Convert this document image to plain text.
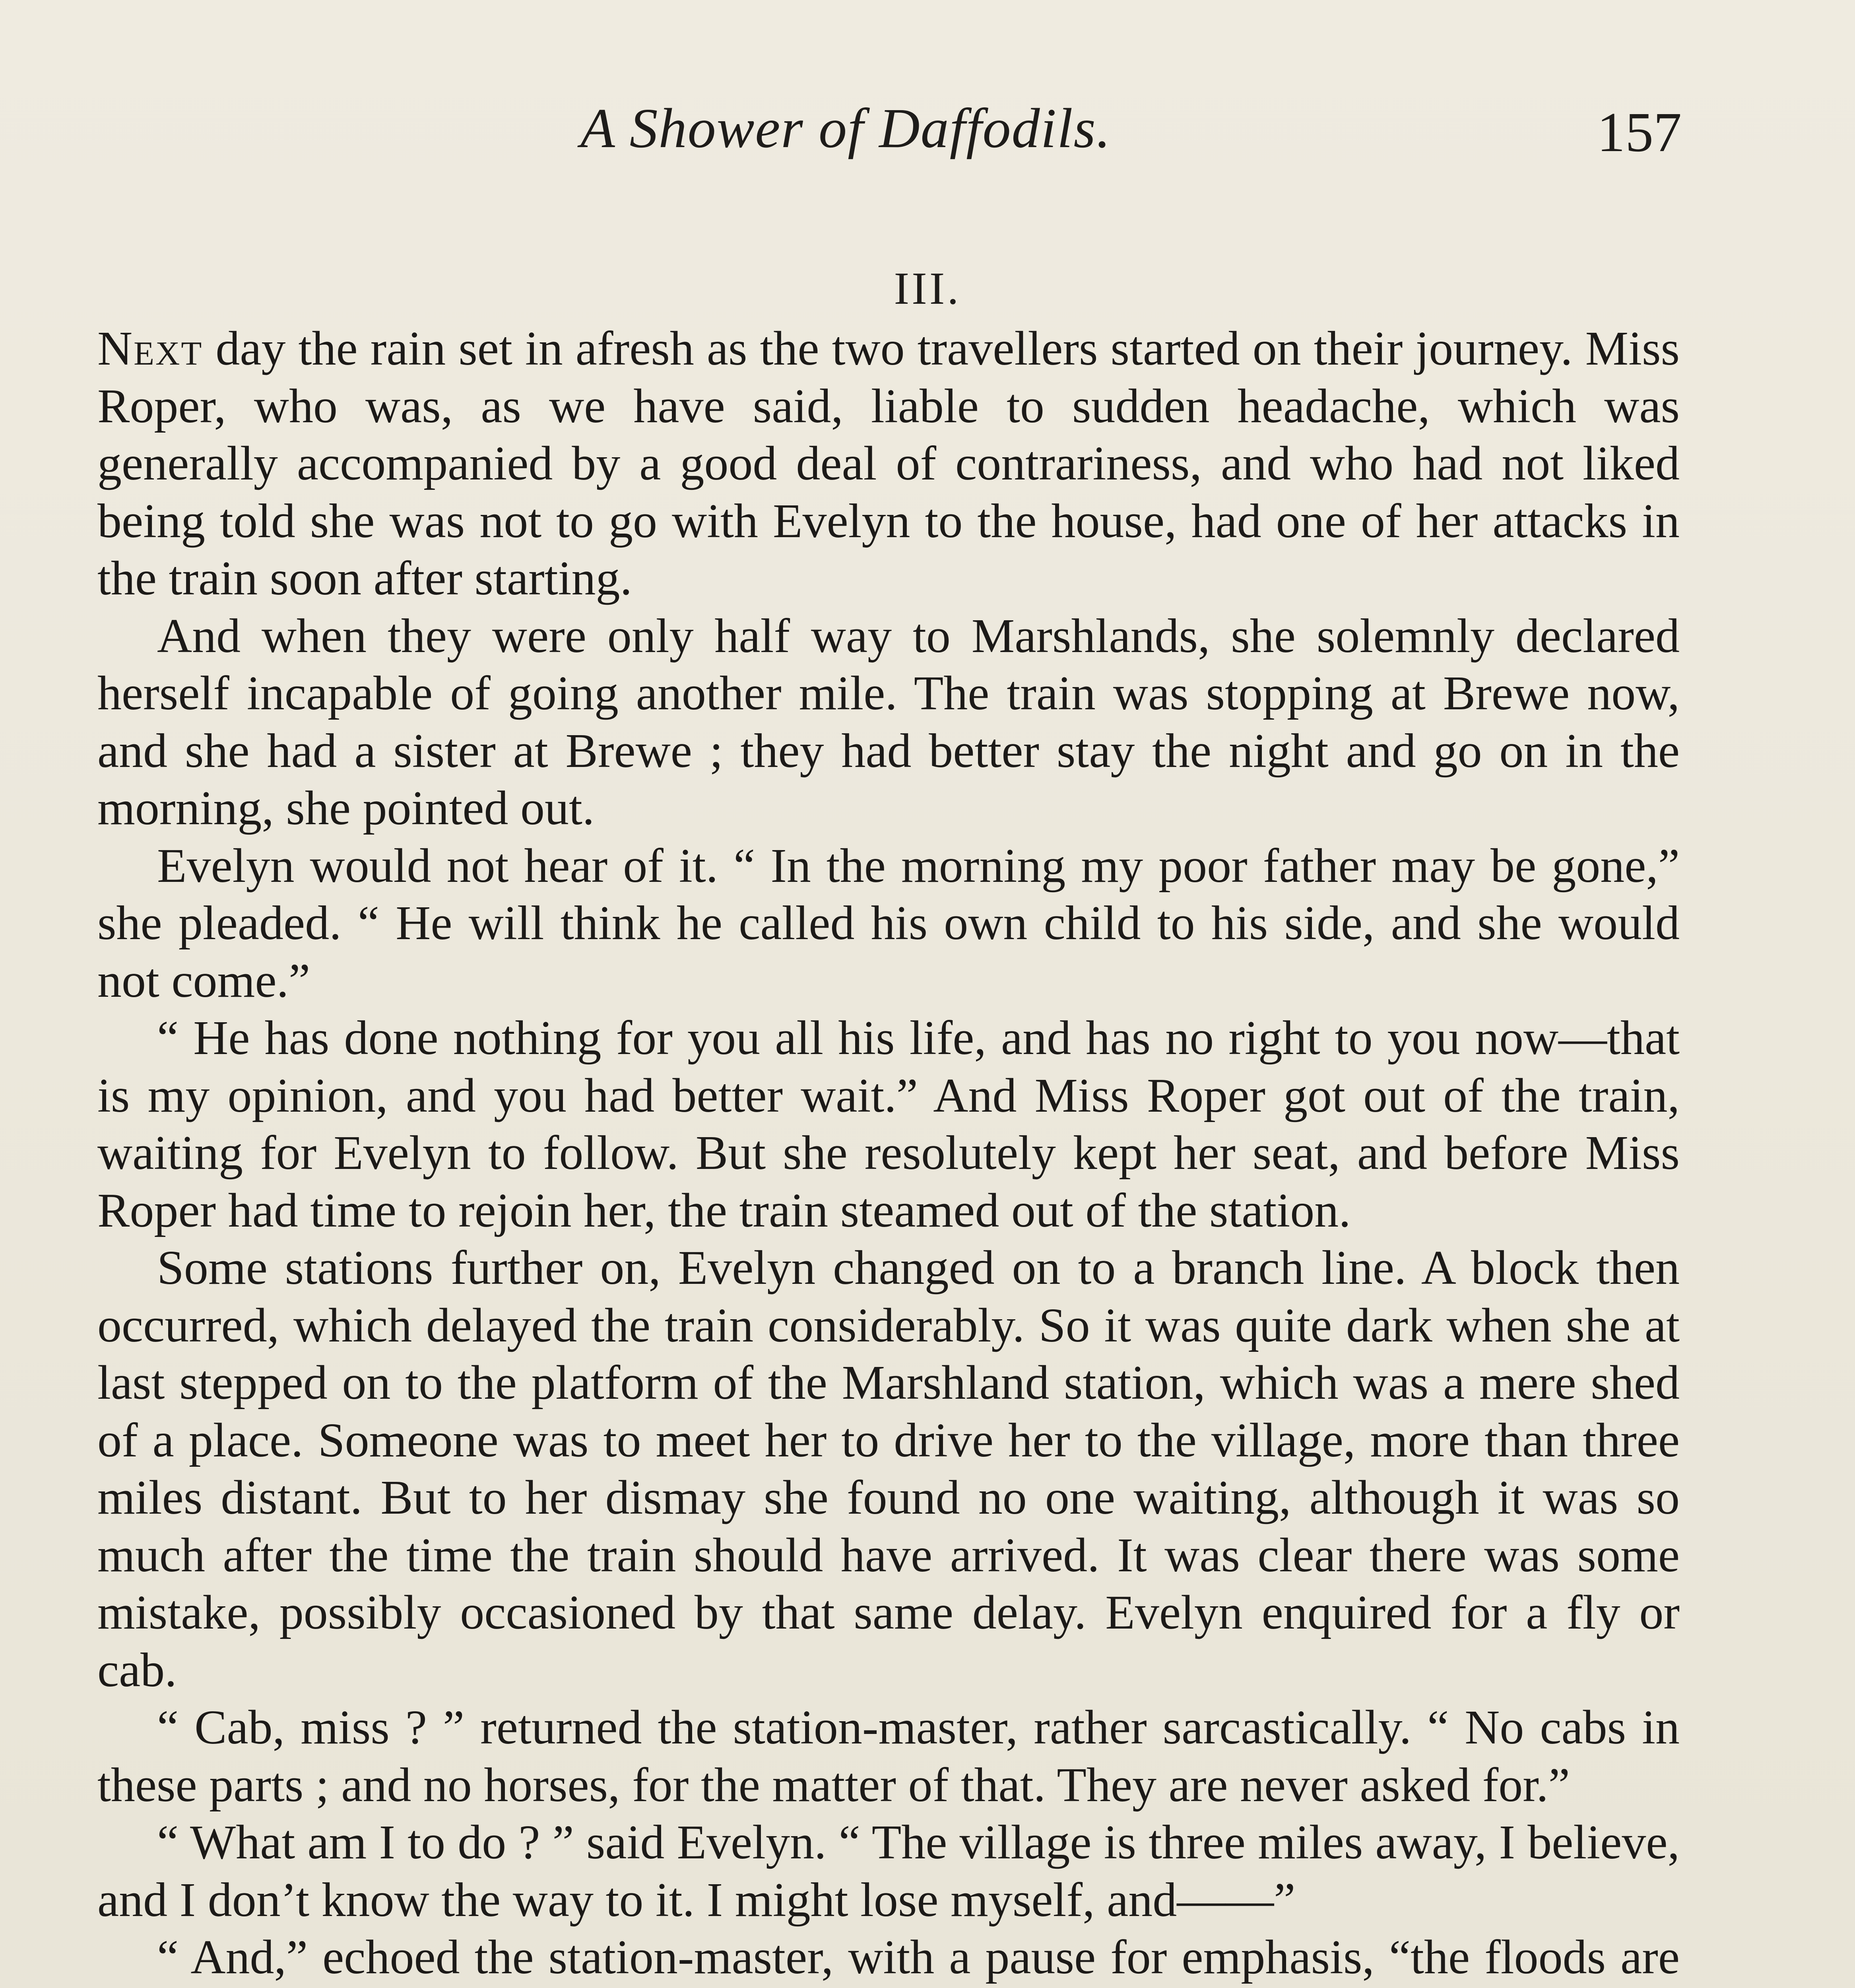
A Shower of Daffodils.	157
III.

Next day the rain set in afresh as the two travellers started on their journey. Miss Roper, who was, as we have said, liable to sudden headache, which was generally accompanied by a good deal of contrariness, and who had not liked being told she was not to go with Evelyn to the house, had one of her attacks in the train soon after starting.

And when they were only half way to Marshlands, she solemnly declared herself incapable of going another mile. The train was stopping at Brewe now, and she had a sister at Brewe ; they had better stay the night and go on in the morning, she pointed out.

Evelyn would not hear of it. “ In the morning my poor father may be gone,” she pleaded. “ He will think he called his own child to his side, and she would not come.”

“ He has done nothing for you all his life, and has no right to you now—that is my opinion, and you had better wait.” And Miss Roper got out of the train, waiting for Evelyn to follow. But she resolutely kept her seat, and before Miss Roper had time to rejoin her, the train steamed out of the station.

Some stations further on, Evelyn changed on to a branch line. A block then occurred, which delayed the train considerably. So it was quite dark when she at last stepped on to the platform of the Marshland station, which was a mere shed of a place. Someone was to meet her to drive her to the village, more than three miles distant. But to her dismay she found no one waiting, although it was so much after the time the train should have arrived. It was clear there was some mistake, possibly occasioned by that same delay. Evelyn enquired for a fly or cab.

“ Cab, miss ? ” returned the station-master, rather sarcastically. “ No cabs in these parts ; and no horses, for the matter of that. They are never asked for.”

“ What am I to do ? ” said Evelyn. “ The village is three miles away, I believe, and I don’t know the way to it. I might lose myself, and——”

“ And,” echoed the station-master, with a pause for emphasis, “the floods are
